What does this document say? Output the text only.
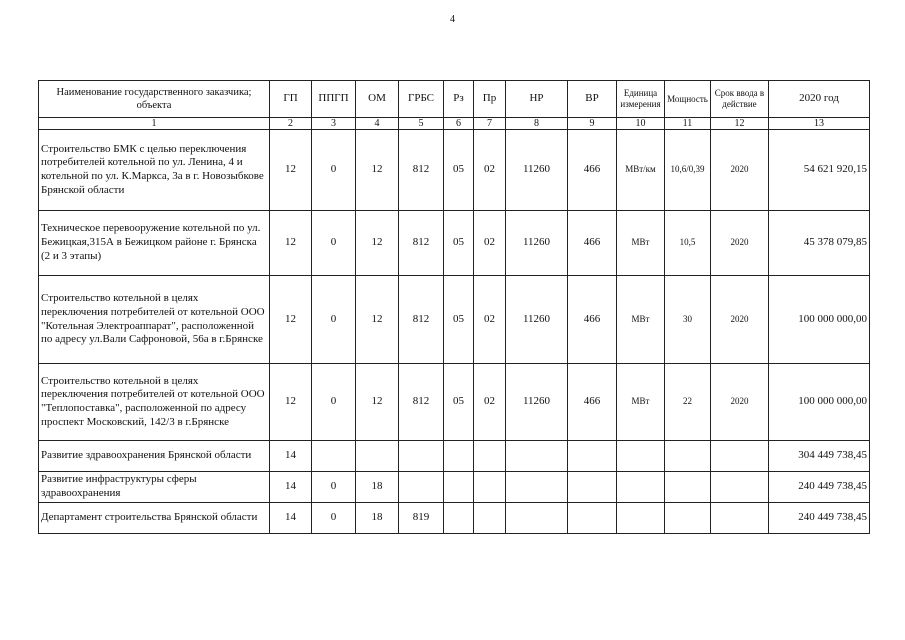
4
Наименование государственного заказчика; объекта	ГП	ППГП	ОМ	ГРБС	Рз	Пр	НР	ВР	Единица измерения	Мощность	Срок ввода в действие	2020 год
1	2	3	4	5	6	7	8	9	10	11	12	13
Строительство БМК с целью переключения потребителей котельной по ул. Ленина, 4 и котельной по ул. К.Маркса, 3а в г. Новозыбкове Брянской области	12	0	12	812	05	02	11260	466	МВт/км	10,6/0,39	2020	54 621 920,15
Техническое перевооружение котельной по ул. Бежицкая,315А в Бежицком районе г. Брянска (2 и 3 этапы)	12	0	12	812	05	02	11260	466	МВт	10,5	2020	45 378 079,85
Строительство котельной в целях переключения потребителей от котельной ООО "Котельная Электроаппарат", расположенной по адресу ул.Вали Сафроновой, 56а в г.Брянске	12	0	12	812	05	02	11260	466	МВт	30	2020	100 000 000,00
Строительство котельной в целях переключения потребителей от котельной ООО "Теплопоставка", расположенной по адресу проспект Московский, 142/3 в г.Брянске	12	0	12	812	05	02	11260	466	МВт	22	2020	100 000 000,00
Развитие здравоохранения Брянской области	14											304 449 738,45
Развитие инфраструктуры сферы здравоохранения	14	0	18									240 449 738,45
Департамент строительства Брянской области	14	0	18	819								240 449 738,45
